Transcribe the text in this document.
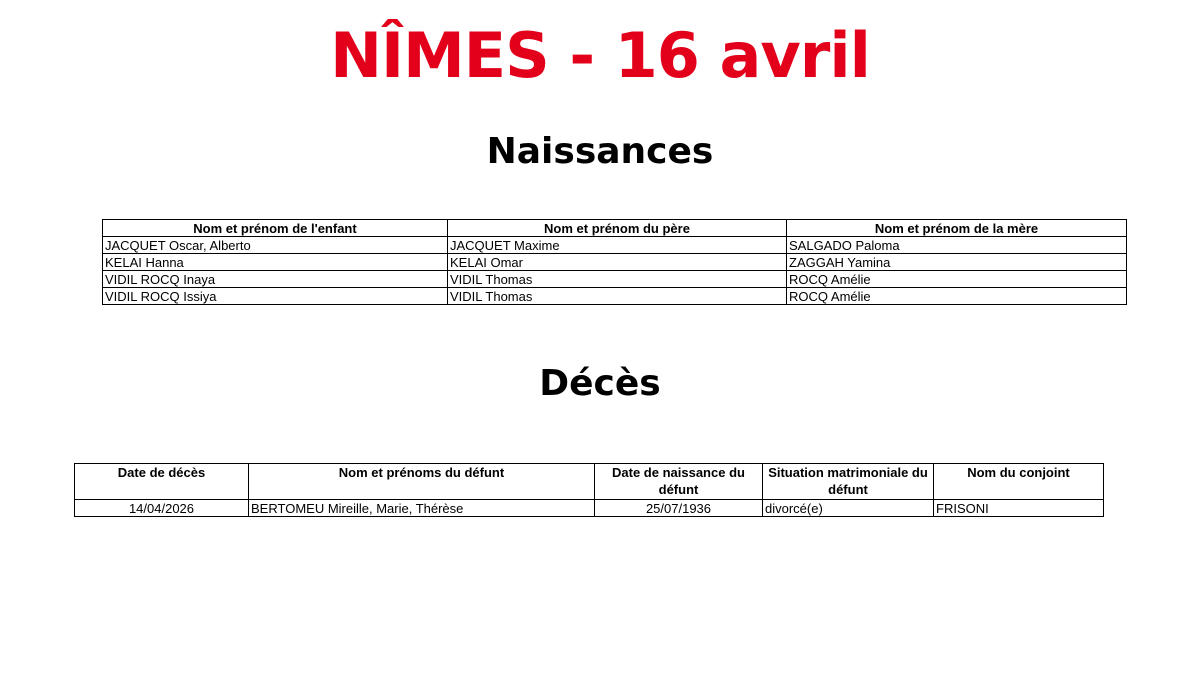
NÎMES - 16 avril
Naissances
Nom et prénom de l'enfant	Nom et prénom du père	Nom et prénom de la mère
JACQUET Oscar, Alberto	JACQUET Maxime	SALGADO Paloma
KELAI Hanna	KELAI Omar	ZAGGAH Yamina
VIDIL ROCQ Inaya	VIDIL Thomas	ROCQ Amélie
VIDIL ROCQ Issiya	VIDIL Thomas	ROCQ Amélie
Décès
Date de décès	Nom et prénoms du défunt	Date de naissance du défunt	Situation matrimoniale du défunt	Nom du conjoint
14/04/2026	BERTOMEU Mireille, Marie, Thérèse	25/07/1936	divorcé(e)	FRISONI
